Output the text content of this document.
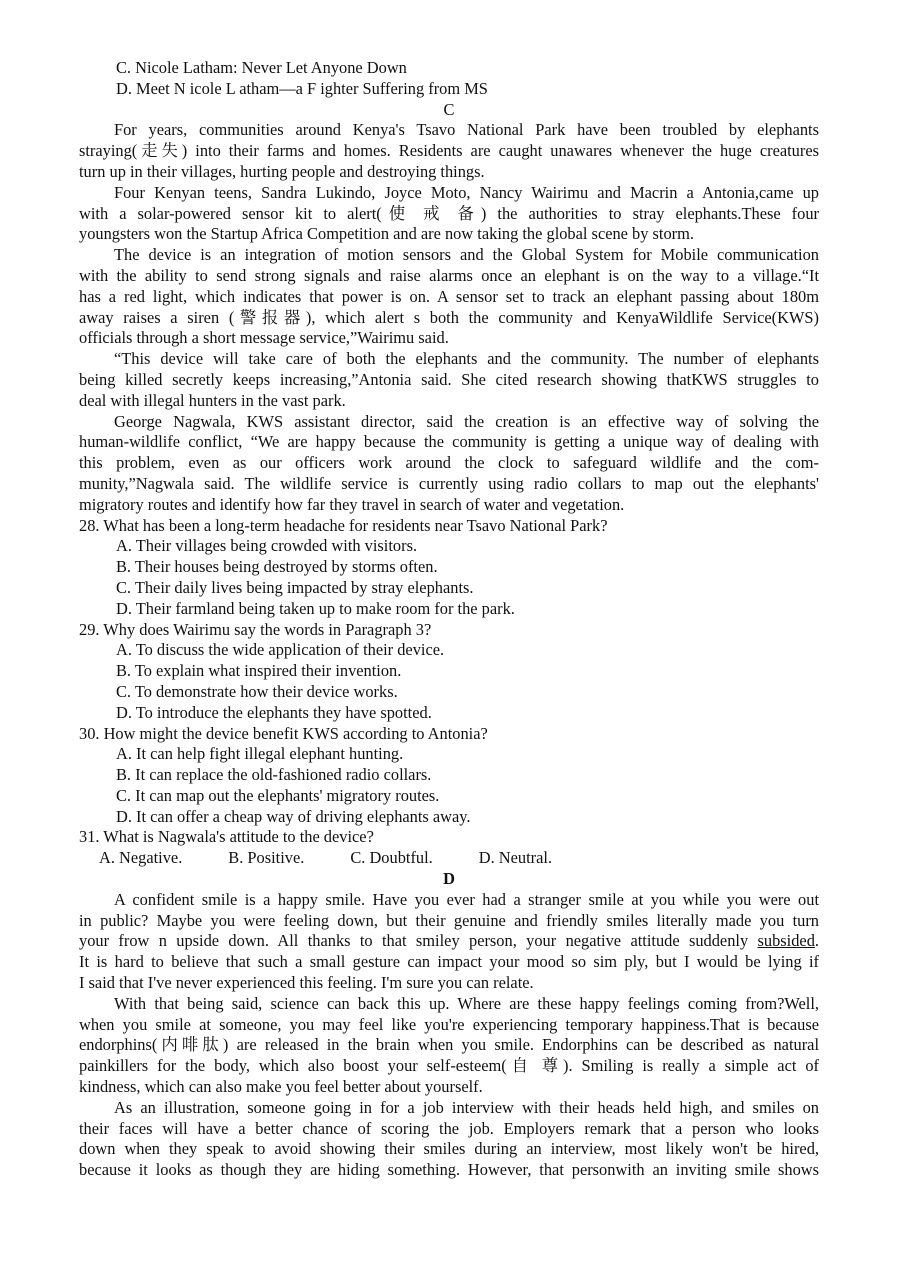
C. Nicole Latham: Never Let Anyone Down
D. Meet N icole L atham—a F ighter Suffering from MS
C
For years, communities around Kenya's Tsavo National Park have been troubled by elephants
straying(走失) into their farms and homes. Residents are caught unawares whenever the huge creatures
turn up in their villages, hurting people and destroying things.
Four Kenyan teens, Sandra Lukindo, Joyce Moto, Nancy Wairimu and Macrin a Antonia,came up
with a solar-powered sensor kit to alert(使 戒 备) the authorities to stray elephants.These four
youngsters won the Startup Africa Competition and are now taking the global scene by storm.
The device is an integration of motion sensors and the Global System for Mobile communication
with the ability to send strong signals and raise alarms once an elephant is on the way to a village.“It
has a red light, which indicates that power is on. A sensor set to track an elephant passing about 180m
away raises a siren (警报器), which alert s both the community and KenyaWildlife Service(KWS)
officials through a short message service,”Wairimu said.
“This device will take care of both the elephants and the community. The number of elephants
being killed secretly keeps increasing,”Antonia said. She cited research showing thatKWS struggles to
deal with illegal hunters in the vast park.
George Nagwala, KWS assistant director, said the creation is an effective way of solving the
human-wildlife conflict, “We are happy because the community is getting a unique way of dealing with
this problem, even as our officers work around the clock to safeguard wildlife and the com-
munity,”Nagwala said. The wildlife service is currently using radio collars to map out the elephants'
migratory routes and identify how far they travel in search of water and vegetation.
28. What has been a long-term headache for residents near Tsavo National Park?
A. Their villages being crowded with visitors.
B. Their houses being destroyed by storms often.
C. Their daily lives being impacted by stray elephants.
D. Their farmland being taken up to make room for the park.
29. Why does Wairimu say the words in Paragraph 3?
A. To discuss the wide application of their device.
B. To explain what inspired their invention.
C. To demonstrate how their device works.
D. To introduce the elephants they have spotted.
30. How might the device benefit KWS according to Antonia?
A. It can help fight illegal elephant hunting.
B. It can replace the old-fashioned radio collars.
C. It can map out the elephants' migratory routes.
D. It can offer a cheap way of driving elephants away.
31. What is Nagwala's attitude to the device?
A. Negative.	B. Positive.	C. Doubtful.	D. Neutral.
D
A confident smile is a happy smile. Have you ever had a stranger smile at you while you were out
in public? Maybe you were feeling down, but their genuine and friendly smiles literally made you turn
your frow n upside down. All thanks to that smiley person, your negative attitude suddenly subsided.
It is hard to believe that such a small gesture can impact your mood so sim ply, but I would be lying if
I said that I've never experienced this feeling. I'm sure you can relate.
With that being said, science can back this up. Where are these happy feelings coming from?Well,
when you smile at someone, you may feel like you're experiencing temporary happiness.That is because
endorphins(内啡肽) are released in the brain when you smile. Endorphins can be described as natural
painkillers for the body, which also boost your self-esteem(自 尊). Smiling is really a simple act of
kindness, which can also make you feel better about yourself.
As an illustration, someone going in for a job interview with their heads held high, and smiles on
their faces will have a better chance of scoring the job. Employers remark that a person who looks
down when they speak to avoid showing their smiles during an interview, most likely won't be hired,
because it looks as though they are hiding something. However, that personwith an inviting smile shows
